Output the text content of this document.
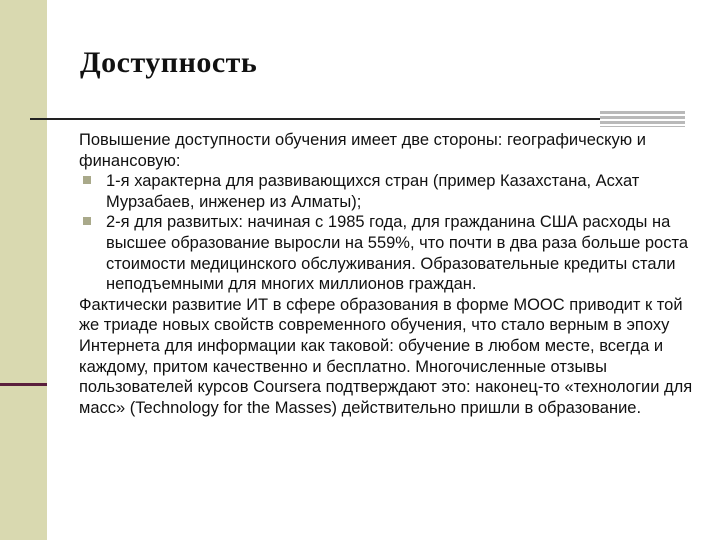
Доступность

Повышение доступности обучения имеет две стороны: географическую и финансовую:

1-я характерна для развивающихся стран (пример Казахстана, Асхат Мурзабаев, инженер из Алматы);
2-я для развитых: начиная с 1985 года, для гражданина США расходы на высшее образование выросли на 559%, что почти в два раза больше роста стоимости медицинского обслуживания. Образовательные кредиты стали неподъемными для многих миллионов граждан.

Фактически развитие ИТ в сфере образования в форме MOOC приводит к той же триаде новых свойств современного обучения, что стало верным в эпоху Интернета для информации как таковой: обучение в любом месте, всегда и каждому, притом качественно и бесплатно. Многочисленные отзывы пользователей курсов Coursera подтверждают это: наконец-то «технологии для масс» (Technology for the Masses) действительно пришли в образование.
